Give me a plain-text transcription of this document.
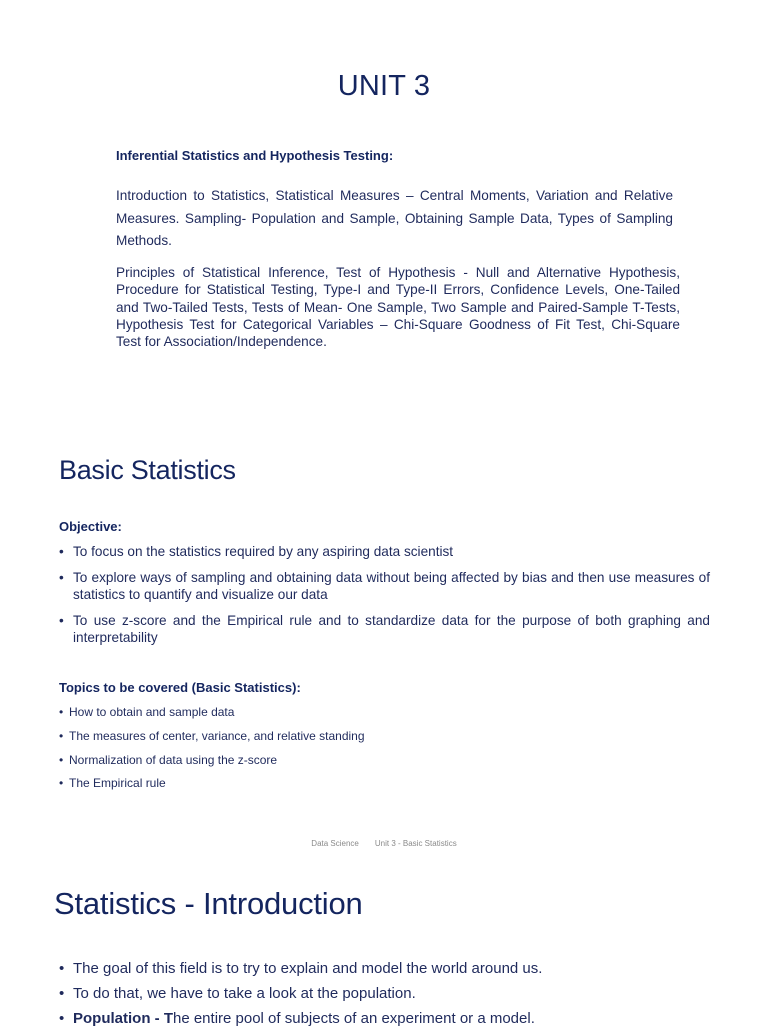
UNIT 3
Inferential Statistics and Hypothesis Testing:
Introduction to Statistics, Statistical Measures – Central Moments, Variation and Relative Measures. Sampling- Population and Sample, Obtaining Sample Data, Types of Sampling Methods.
Principles of Statistical Inference, Test of Hypothesis - Null and Alternative Hypothesis, Procedure for Statistical Testing, Type-I and Type-II Errors, Confidence Levels, One-Tailed and Two-Tailed Tests, Tests of Mean- One Sample, Two Sample and Paired-Sample T-Tests, Hypothesis Test for Categorical Variables – Chi-Square Goodness of Fit Test, Chi-Square Test for Association/Independence.
Basic Statistics
Objective:
• To focus on the statistics required by any aspiring data scientist
• To explore ways of sampling and obtaining data without being affected by bias and then use measures of statistics to quantify and visualize our data
• To use z-score and the Empirical rule and to standardize data for the purpose of both graphing and interpretability
Topics to be covered (Basic Statistics):
• How to obtain and sample data
• The measures of center, variance, and relative standing
• Normalization of data using the z-score
• The Empirical rule
Data Science Unit 3 - Basic Statistics
Statistics - Introduction
• The goal of this field is to try to explain and model the world around us.
• To do that, we have to take a look at the population.
• Population - The entire pool of subjects of an experiment or a model.
